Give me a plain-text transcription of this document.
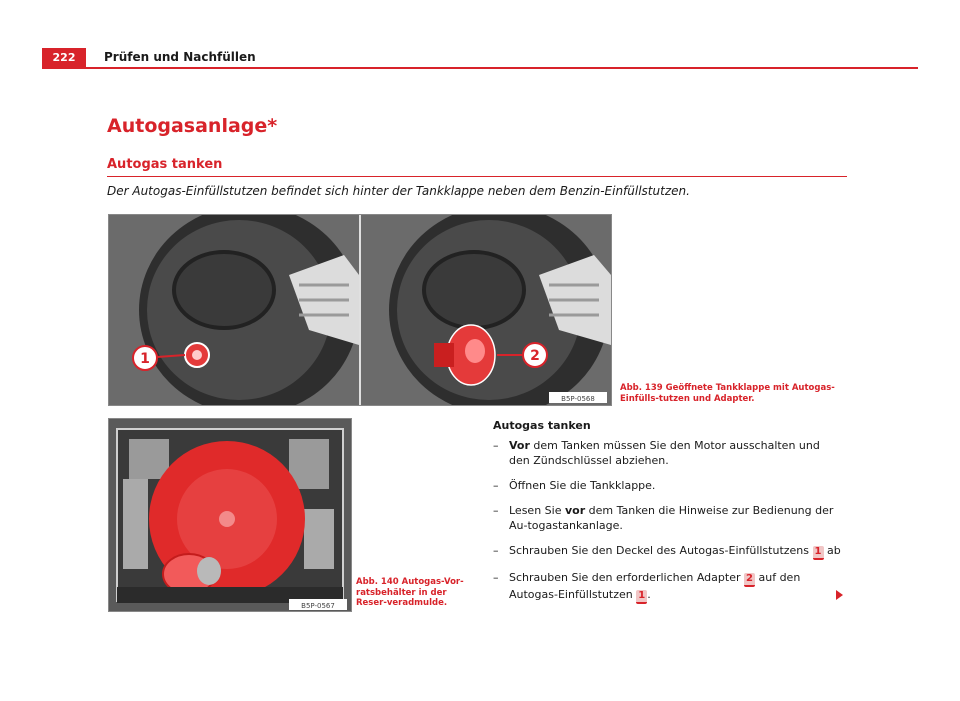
222	Prüfen und Nachfüllen
Autogasanlage*
Autogas tanken
Der Autogas-Einfüllstutzen befindet sich hinter der Tankklappe neben dem Benzin-Einfüllstutzen.
1	2
B5P-0568
Abb. 139 Geöffnete Tankklappe mit Autogas-Einfülls-tutzen und Adapter.
B5P-0567
Abb. 140 Autogas-Vor-ratsbehälter in der Reser-veradmulde.
Autogas tanken
– Vor dem Tanken müssen Sie den Motor ausschalten und den Zündschlüssel abziehen.
– Öffnen Sie die Tankklappe.
– Lesen Sie vor dem Tanken die Hinweise zur Bedienung der Au-togastankanlage.
– Schrauben Sie den Deckel des Autogas-Einfüllstutzens 1 ab
– Schrauben Sie den erforderlichen Adapter 2 auf den Autogas-Einfüllstutzen 1 .
